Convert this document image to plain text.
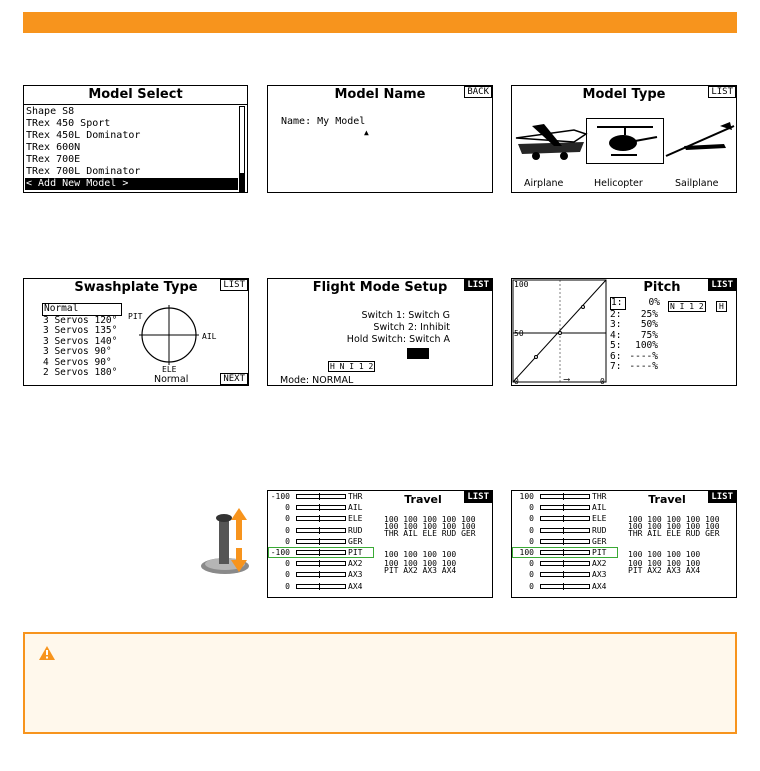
Model Select
Shape S8
TRex 450 Sport
TRex 450L Dominator
TRex 600N
TRex 700E
TRex 700L Dominator
< Add New Model >
Model Name	BACK
Name: My Model
▲
Model Type	LIST
Airplane	Helicopter	Sailplane
Swashplate Type	LIST
Normal
3 Servos 120°
3 Servos 135°
3 Servos 140°
3 Servos 90°
4 Servos 90°
2 Servos 180°
PIT
AIL
ELE
Normal	NEXT
Flight Mode Setup	LIST
Switch 1: Switch G
Switch 2: Inhibit
Hold Switch: Switch A
H N I 1 2
Mode: NORMAL
Pitch	LIST
100
50
0	0
⟶
1:	0%
2: 25%
3: 50%
4: 75%
5: 100%
6: ----%
7: ----%
N I 1 2	H
Travel	LIST
-100	THR
0	AIL
0	ELE
0	RUD
0	GER
-100	PIT
0	AX2
0	AX3
0	AX4
100 100 100 100 100
100 100 100 100 100
THR AIL ELE RUD GER
100 100 100 100
100 100 100 100
PIT AX2 AX3 AX4
Travel	LIST
100	THR
0	AIL
0	ELE
0	RUD
0	GER
100	PIT
0	AX2
0	AX3
0	AX4
100 100 100 100 100
100 100 100 100 100
THR AIL ELE RUD GER
100 100 100 100
100 100 100 100
PIT AX2 AX3 AX4
